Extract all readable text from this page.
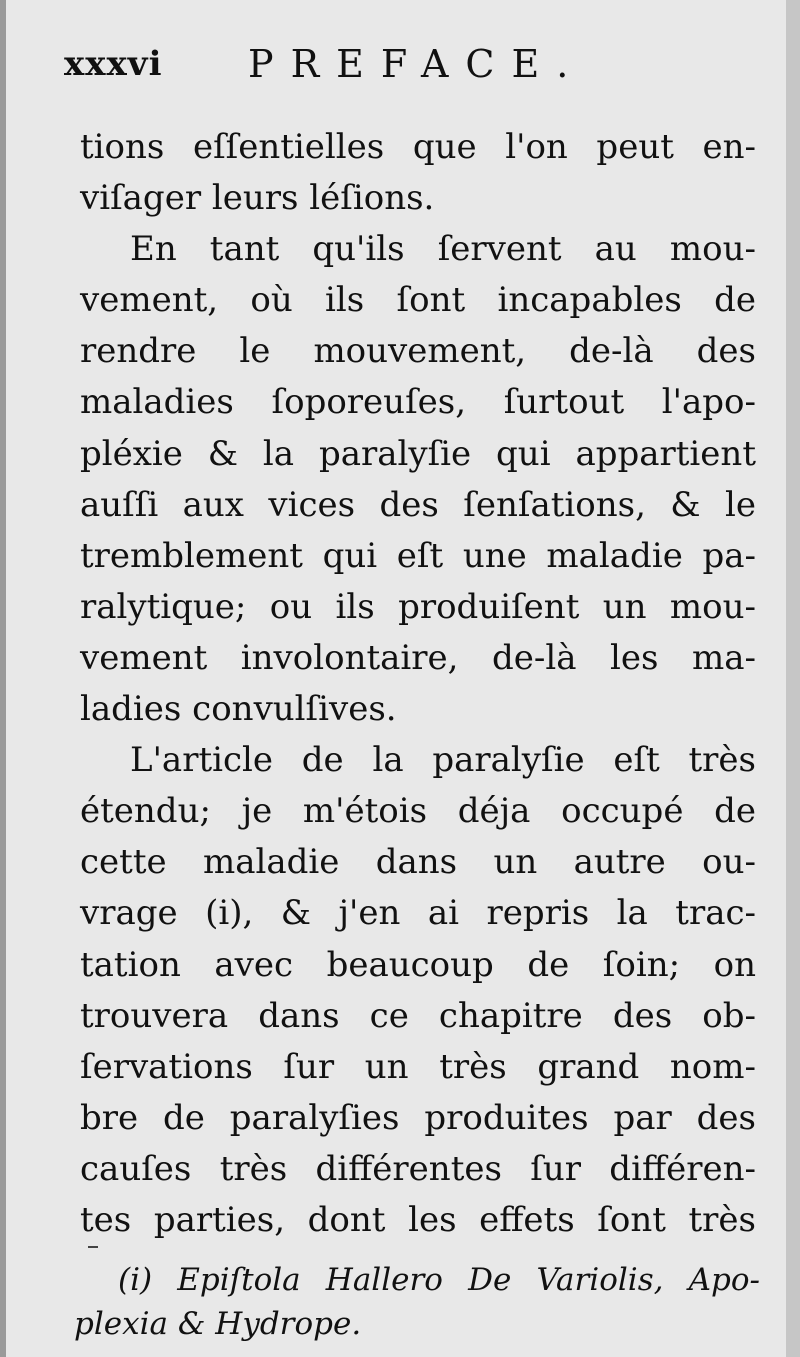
xxxvi PREFACE.
tions eſſentielles que l'on peut en-
viſager leurs léſions.
En tant qu'ils ſervent au mou-
vement, où ils ſont incapables de
rendre le mouvement, de-là des
maladies ſoporeuſes, ſurtout l'apo-
pléxie & la paralyſie qui appartient
auſſi aux vices des ſenſations, & le
tremblement qui eſt une maladie pa-
ralytique; ou ils produiſent un mou-
vement involontaire, de-là les ma-
ladies convulſives.
L'article de la paralyſie eſt très
étendu; je m'étois déja occupé de
cette maladie dans un autre ou-
vrage (i), & j'en ai repris la trac-
tation avec beaucoup de ſoin; on
trouvera dans ce chapitre des ob-
ſervations ſur un très grand nom-
bre de paralyſies produites par des
cauſes très différentes ſur différen-
tes parties, dont les effets ſont très
(i) Epiſtola Hallero De Variolis, Apo-
plexia & Hydrope.
